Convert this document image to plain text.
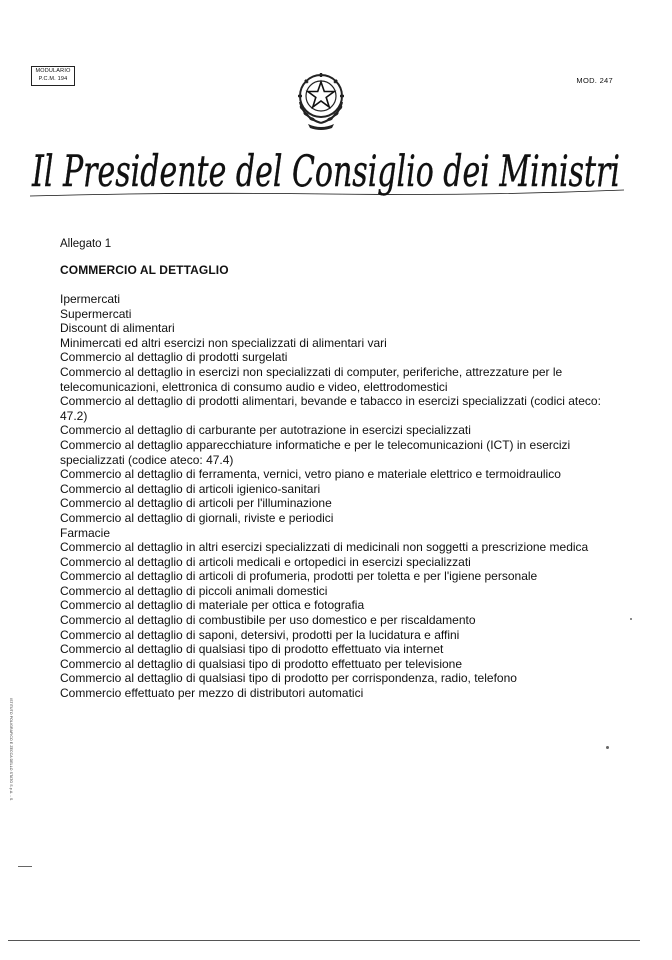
MODULARIO
P.C.M. 194	MOD. 247
Il Presidente del Consiglio dei Ministri
Allegato 1
COMMERCIO AL DETTAGLIO
Ipermercati
Supermercati
Discount di alimentari
Minimercati ed altri esercizi non specializzati di alimentari vari
Commercio al dettaglio di prodotti surgelati
Commercio al dettaglio in esercizi non specializzati di computer, periferiche, attrezzature per le telecomunicazioni, elettronica di consumo audio e video, elettrodomestici
Commercio al dettaglio di prodotti alimentari, bevande e tabacco in esercizi specializzati (codici ateco: 47.2)
Commercio al dettaglio di carburante per autotrazione in esercizi specializzati
Commercio al dettaglio apparecchiature informatiche e per le telecomunicazioni (ICT) in esercizi specializzati (codice ateco: 47.4)
Commercio al dettaglio di ferramenta, vernici, vetro piano e materiale elettrico e termoidraulico
Commercio al dettaglio di articoli igienico-sanitari
Commercio al dettaglio di articoli per l'illuminazione
Commercio al dettaglio di giornali, riviste e periodici
Farmacie
Commercio al dettaglio in altri esercizi specializzati di medicinali non soggetti a prescrizione medica
Commercio al dettaglio di articoli medicali e ortopedici in esercizi specializzati
Commercio al dettaglio di articoli di profumeria, prodotti per toletta e per l'igiene personale
Commercio al dettaglio di piccoli animali domestici
Commercio al dettaglio di materiale per ottica e fotografia
Commercio al dettaglio di combustibile per uso domestico e per riscaldamento
Commercio al dettaglio di saponi, detersivi, prodotti per la lucidatura e affini
Commercio al dettaglio di qualsiasi tipo di prodotto effettuato via internet
Commercio al dettaglio di qualsiasi tipo di prodotto effettuato per televisione
Commercio al dettaglio di qualsiasi tipo di prodotto per corrispondenza, radio, telefono
Commercio effettuato per mezzo di distributori automatici
ISTITUTO POLIGRAFICO E ZECCA DELLO STATO S.p.A. - S.
